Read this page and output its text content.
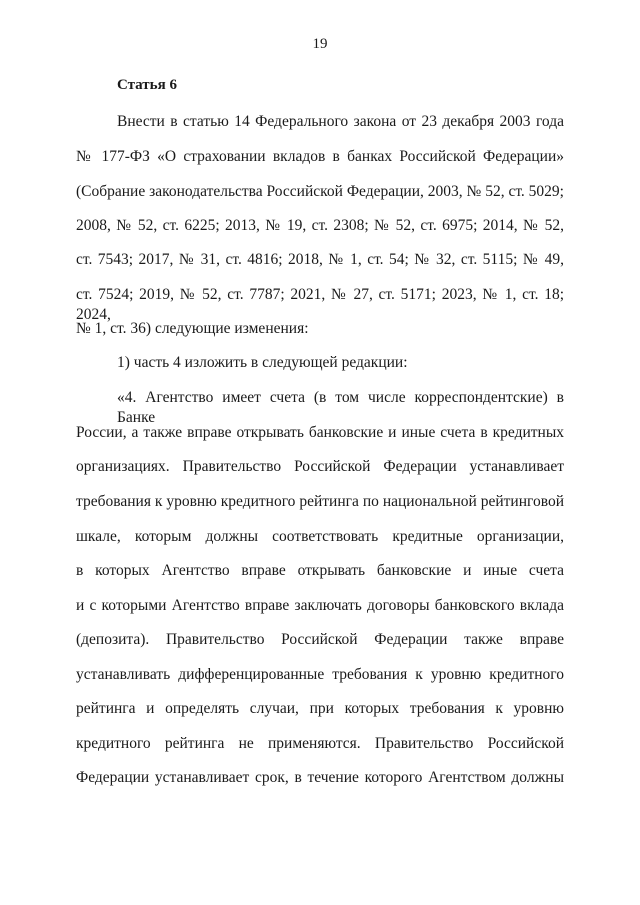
19
Статья 6
Внести в статью 14 Федерального закона от 23 декабря 2003 года
№ 177-ФЗ «О страховании вкладов в банках Российской Федерации»
(Собрание законодательства Российской Федерации, 2003, № 52, ст. 5029;
2008, № 52, ст. 6225; 2013, № 19, ст. 2308; № 52, ст. 6975; 2014, № 52,
ст. 7543; 2017, № 31, ст. 4816; 2018, № 1, ст. 54; № 32, ст. 5115; № 49,
ст. 7524; 2019, № 52, ст. 7787; 2021, № 27, ст. 5171; 2023, № 1, ст. 18; 2024,
№ 1, ст. 36) следующие изменения:
1) часть 4 изложить в следующей редакции:
«4. Агентство имеет счета (в том числе корреспондентские) в Банке
России, а также вправе открывать банковские и иные счета в кредитных
организациях. Правительство Российской Федерации устанавливает
требования к уровню кредитного рейтинга по национальной рейтинговой
шкале, которым должны соответствовать кредитные организации,
в которых Агентство вправе открывать банковские и иные счета
и с которыми Агентство вправе заключать договоры банковского вклада
(депозита). Правительство Российской Федерации также вправе
устанавливать дифференцированные требования к уровню кредитного
рейтинга и определять случаи, при которых требования к уровню
кредитного рейтинга не применяются. Правительство Российской
Федерации устанавливает срок, в течение которого Агентством должны
